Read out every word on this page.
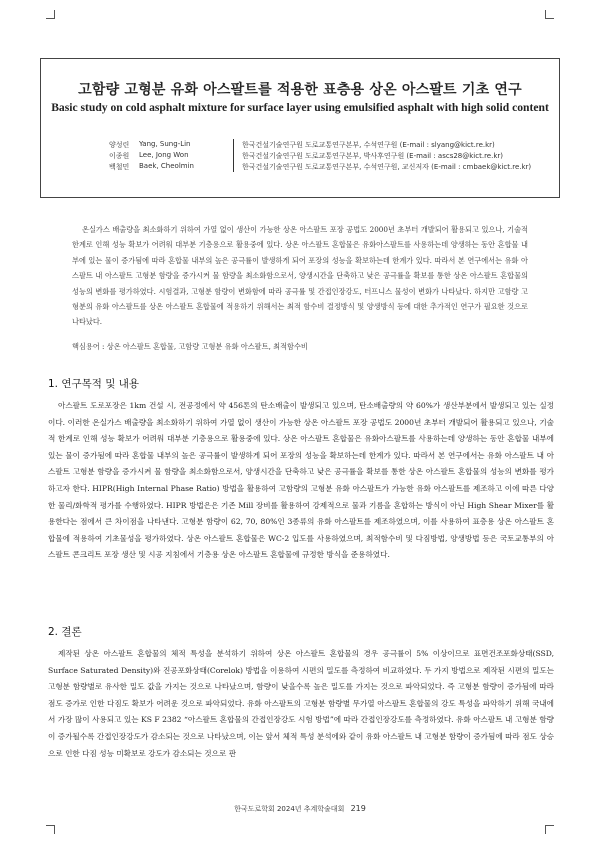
고함량 고형분 유화 아스팔트를 적용한 표층용 상온 아스팔트 기초 연구
Basic study on cold asphalt mixture for surface layer using emulsified asphalt with high solid content
양성린	Yang, Sung-Lin	한국건설기술연구원 도로교통연구본부, 수석연구원 (E-mail : slyang@kict.re.kr)
이종원	Lee, Jong Won	한국건설기술연구원 도로교통연구본부, 박사후연구원 (E-mail : ascs28@kict.re.kr)
백철민	Baek, Cheolmin	한국건설기술연구원 도로교통연구본부, 수석연구원, 교신저자 (E-mail : cmbaek@kict.re.kr)
온실가스 배출량을 최소화하기 위하여 가열 없이 생산이 가능한 상온 아스팔트 포장 공법도 2000년 초부터 개발되어 활용되고 있으나, 기술적 한계로 인해 성능 확보가 어려워 대부분 기층용으로 활용중에 있다. 상온 아스팔트 혼합물은 유화아스팔트를 사용하는데 양생하는 동안 혼합물 내부에 있는 물이 증가됨에 따라 혼합물 내부의 높은 공극률이 발생하게 되어 포장의 성능을 확보하는데 한계가 있다. 따라서 본 연구에서는 유화 아스팔트 내 아스팔트 고형분 함량을 증가시켜 물 함량을 최소화함으로서, 양생시간을 단축하고 낮은 공극률을 확보를 통한 상온 아스팔트 혼합물의 성능의 변화를 평가하였다. 시험결과, 고형분 함량이 변화함에 따라 공극률 및 간접인장강도, 터프니스 물성이 변화가 나타났다. 하지만 고함량 고형분의 유화 아스팔트를 상온 아스팔트 혼합물에 적용하기 위해서는 최적 함수비 결정방식 및 양생방식 등에 대한 추가적인 연구가 필요한 것으로 나타났다.
핵심용어 : 상온 아스팔트 혼합물, 고함량 고형분 유화 아스팔트, 최적함수비
1. 연구목적 및 내용
아스팔트 도로포장은 1km 건설 시, 전공정에서 약 456톤의 탄소배출이 발생되고 있으며, 탄소배출량의 약 60%가 생산부분에서 발생되고 있는 실정이다. 이러한 온실가스 배출량을 최소화하기 위하여 가열 없이 생산이 가능한 상온 아스팔트 포장 공법도 2000년 초부터 개발되어 활용되고 있으나, 기술적 한계로 인해 성능 확보가 어려워 대부분 기층용으로 활용중에 있다. 상온 아스팔트 혼합물은 유화아스팔트를 사용하는데 양생하는 동안 혼합물 내부에 있는 물이 증가됨에 따라 혼합물 내부의 높은 공극률이 발생하게 되어 포장의 성능을 확보하는데 한계가 있다. 따라서 본 연구에서는 유화 아스팔트 내 아스팔트 고형분 함량을 증가시켜 물 함량을 최소화함으로서, 양생시간을 단축하고 낮은 공극률을 확보를 통한 상온 아스팔트 혼합물의 성능의 변화를 평가하고자 한다. HIPR(High Internal Phase Ratio) 방법을 활용하여 고함량의 고형분 유화 아스팔트가 가능한 유화 아스팔트를 제조하고 이에 따른 다양한 물리/화학적 평가를 수행하였다. HIPR 방법은은 기존 Mill 장비를 활용하여 강제적으로 물과 기름을 혼합하는 방식이 아닌 High Shear Mixer를 활용한다는 점에서 큰 차이점을 나타낸다. 고형분 함량이 62, 70, 80%인 3종류의 유화 아스팔트를 제조하였으며, 이를 사용하여 표층용 상온 아스팔트 혼합물에 적용하여 기초물성을 평가하였다. 상온 아스팔트 혼합물은 WC-2 입도를 사용하였으며, 최적함수비 및 다짐방법, 양생방법 등은 국토교통부의 아스팔트 콘크리트 포장 생산 및 시공 지침에서 기층용 상온 아스팔트 혼합물에 규정한 방식을 준용하였다.
2. 결론
제작된 상온 아스팔트 혼합물의 체적 특성을 분석하기 위하여 상온 아스팔트 혼합물의 경우 공극률이 5% 이상이므로 표면건조포화상태(SSD, Surface Saturated Density)와 진공포화상태(Corelok) 방법을 이용하여 시편의 밀도를 측정하여 비교하였다. 두 가지 방법으로 제작된 시편의 밀도는 고형분 함량별로 유사한 밀도 값을 가지는 것으로 나타났으며, 함량이 낮을수록 높은 밀도를 가지는 것으로 파악되었다. 즉 고형분 함량이 증가됨에 따라 점도 증가로 인한 다짐도 확보가 어려운 것으로 파악되었다. 유화 아스팔트의 고형분 함량별 무가열 아스팔트 혼합물의 강도 특성을 파악하기 위해 국내에서 가장 많이 사용되고 있는 KS F 2382 “아스팔트 혼합물의 간접인장강도 시험 방법”에 따라 간접인장강도를 측정하였다. 유화 아스팔트 내 고형분 함량이 증가될수록 간접인장강도가 감소되는 것으로 나타났으며, 이는 앞서 체적 특성 분석에와 같이 유화 아스팔트 내 고형분 함량이 증가됨에 따라 점도 상승으로 인한 다짐 성능 미확보로 강도가 감소되는 것으로 판
한국도로학회 2024년 추계학술대회 219
